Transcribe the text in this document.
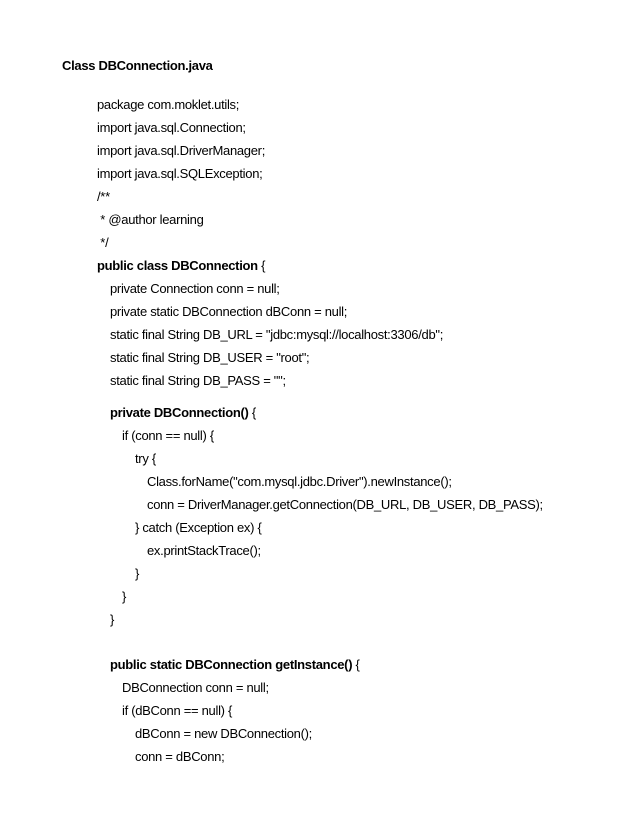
Class DBConnection.java
package com.moklet.utils;
import java.sql.Connection;
import java.sql.DriverManager;
import java.sql.SQLException;
/**
* @author learning
*/
public class DBConnection {
private Connection conn = null;
private static DBConnection dBConn = null;
static final String DB_URL = "jdbc:mysql://localhost:3306/db";
static final String DB_USER = "root";
static final String DB_PASS = "";
private DBConnection() {
if (conn == null) {
try {
Class.forName("com.mysql.jdbc.Driver").newInstance();
conn = DriverManager.getConnection(DB_URL, DB_USER, DB_PASS);
} catch (Exception ex) {
ex.printStackTrace();
}
}
}
public static DBConnection getInstance() {
DBConnection conn = null;
if (dBConn == null) {
dBConn = new DBConnection();
conn = dBConn;
